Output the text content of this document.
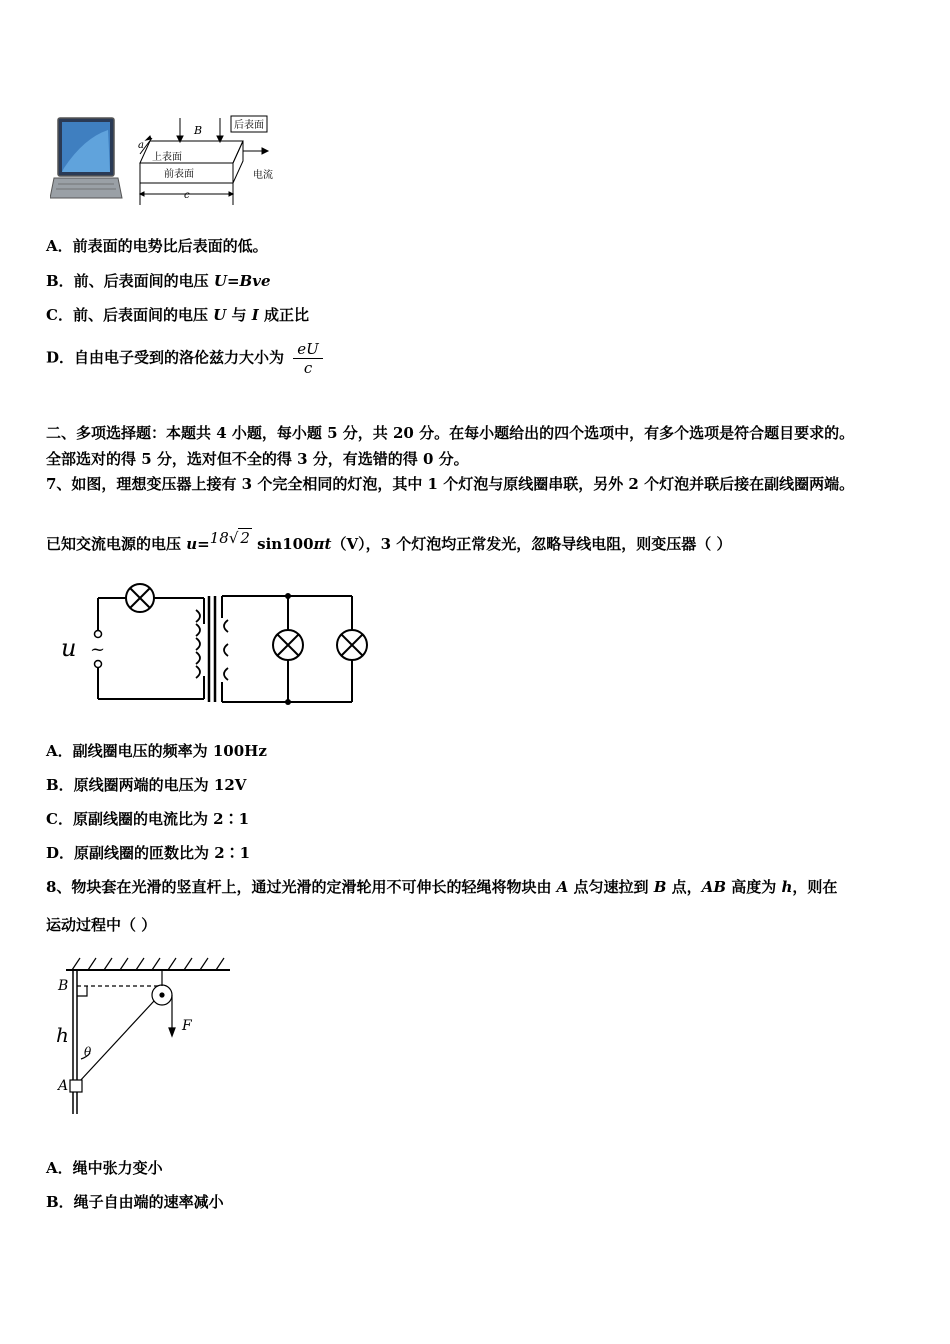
后表面
B
a
上表面
前表面	电流
c
A．前表面的电势比后表面的低。
B．前、后表面间的电压 U=Bve
C．前、后表面间的电压 U 与 I 成正比
D．自由电子受到的洛伦兹力大小为 $\frac{eU}{c}$
二、多项选择题：本题共 4 小题，每小题 5 分，共 20 分。在每小题给出的四个选项中，有多个选项是符合题目要求的。
全部选对的得 5 分，选对但不全的得 3 分，有选错的得 0 分。
7、如图，理想变压器上接有 3 个完全相同的灯泡，其中 1 个灯泡与原线圈串联，另外 2 个灯泡并联后接在副线圈两端。
已知交流电源的电压 u=18√ 2 sin100πt（V），3 个灯泡均正常发光，忽略导线电阻，则变压器（ ）
u ~
A．副线圈电压的频率为 100Hz
B．原线圈两端的电压为 12V
C．原副线圈的电流比为 2∶1
D．原副线圈的匝数比为 2∶1
8、物块套在光滑的竖直杆上，通过光滑的定滑轮用不可伸长的轻绳将物块由 A 点匀速拉到 B 点，AB 高度为 h，则在
运动过程中（ ）
B
h
θ
A
F
A．绳中张力变小
B．绳子自由端的速率减小
